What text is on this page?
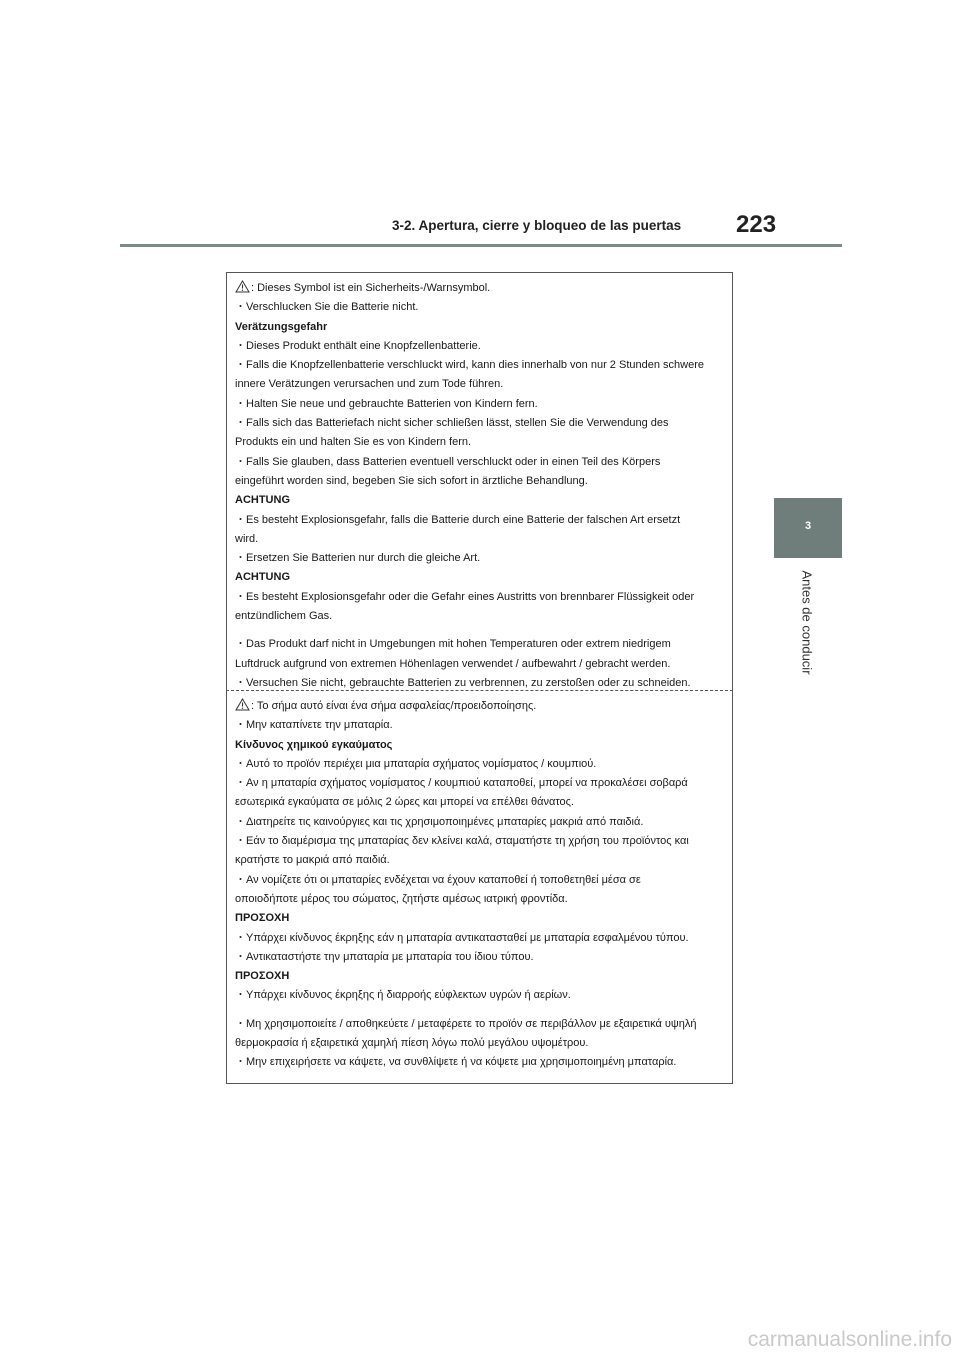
3-2. Apertura, cierre y bloqueo de las puertas 223
3
Antes de conducir
: Dieses Symbol ist ein Sicherheits-/Warnsymbol.
・Verschlucken Sie die Batterie nicht.
Verätzungsgefahr
・Dieses Produkt enthält eine Knopfzellenbatterie.
・Falls die Knopfzellenbatterie verschluckt wird, kann dies innerhalb von nur 2 Stunden schwere
innere Verätzungen verursachen und zum Tode führen.
・Halten Sie neue und gebrauchte Batterien von Kindern fern.
・Falls sich das Batteriefach nicht sicher schließen lässt, stellen Sie die Verwendung des
Produkts ein und halten Sie es von Kindern fern.
・Falls Sie glauben, dass Batterien eventuell verschluckt oder in einen Teil des Körpers
eingeführt worden sind, begeben Sie sich sofort in ärztliche Behandlung.
ACHTUNG
・Es besteht Explosionsgefahr, falls die Batterie durch eine Batterie der falschen Art ersetzt
wird.
・Ersetzen Sie Batterien nur durch die gleiche Art.
ACHTUNG
・Es besteht Explosionsgefahr oder die Gefahr eines Austritts von brennbarer Flüssigkeit oder
entzündlichem Gas.
・Das Produkt darf nicht in Umgebungen mit hohen Temperaturen oder extrem niedrigem
Luftdruck aufgrund von extremen Höhenlagen verwendet / aufbewahrt / gebracht werden.
・Versuchen Sie nicht, gebrauchte Batterien zu verbrennen, zu zerstoßen oder zu schneiden.
: Το σήμα αυτό είναι ένα σήμα ασφαλείας/προειδοποίησης.
・Μην καταπίνετε την μπαταρία.
Κίνδυνος χημικού εγκαύματος
・Αυτό το προϊόν περιέχει μια μπαταρία σχήματος νομίσματος / κουμπιού.
・Αν η μπαταρία σχήματος νομίσματος / κουμπιού καταποθεί, μπορεί να προκαλέσει σοβαρά
εσωτερικά εγκαύματα σε μόλις 2 ώρες και μπορεί να επέλθει θάνατος.
・Διατηρείτε τις καινούργιες και τις χρησιμοποιημένες μπαταρίες μακριά από παιδιά.
・Εάν το διαμέρισμα της μπαταρίας δεν κλείνει καλά, σταματήστε τη χρήση του προϊόντος και
κρατήστε το μακριά από παιδιά.
・Αν νομίζετε ότι οι μπαταρίες ενδέχεται να έχουν καταποθεί ή τοποθετηθεί μέσα σε
οποιοδήποτε μέρος του σώματος, ζητήστε αμέσως ιατρική φροντίδα.
ΠΡΟΣΟΧΗ
・Υπάρχει κίνδυνος έκρηξης εάν η μπαταρία αντικατασταθεί με μπαταρία εσφαλμένου τύπου.
・Αντικαταστήστε την μπαταρία με μπαταρία του ίδιου τύπου.
ΠΡΟΣΟΧΗ
・Υπάρχει κίνδυνος έκρηξης ή διαρροής εύφλεκτων υγρών ή αερίων.
・Μη χρησιμοποιείτε / αποθηκεύετε / μεταφέρετε το προϊόν σε περιβάλλον με εξαιρετικά υψηλή
θερμοκρασία ή εξαιρετικά χαμηλή πίεση λόγω πολύ μεγάλου υψομέτρου.
・Μην επιχειρήσετε να κάψετε, να συνθλίψετε ή να κόψετε μια χρησιμοποιημένη μπαταρία.
carmanualsonline.info
